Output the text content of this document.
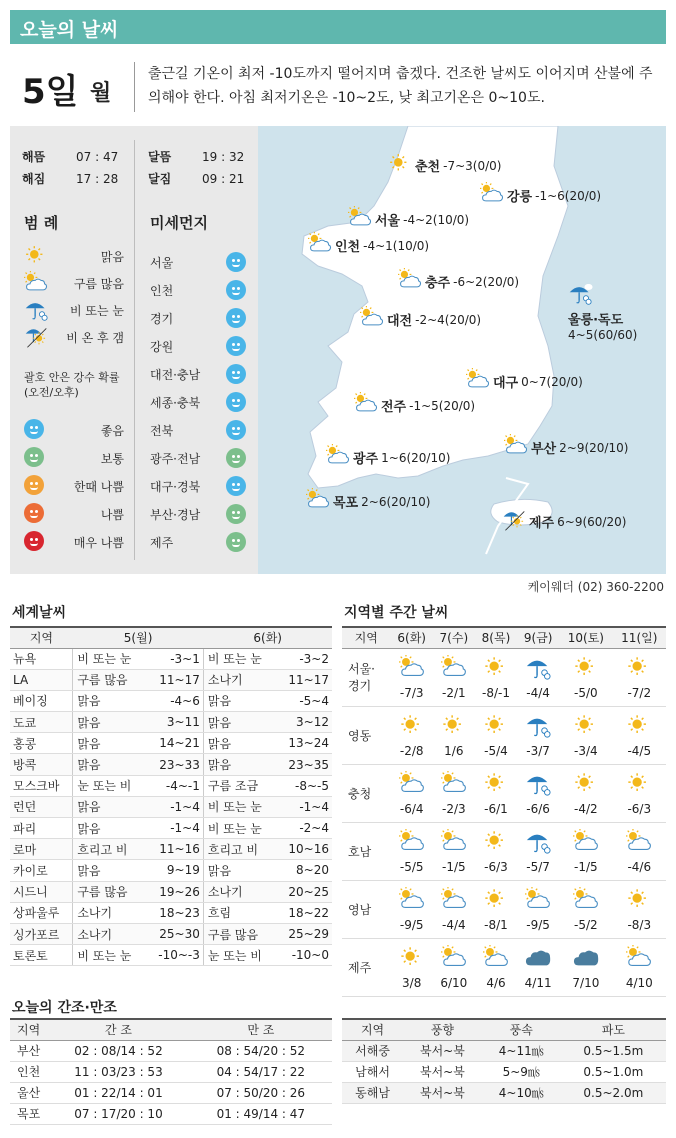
오늘의 날씨
5일 월
출근길 기온이 최저 -10도까지 떨어지며 춥겠다. 건조한 날씨도 이어지며 산불에 주의해야 한다. 아침 최저기온은 -10~2도, 낮 최고기온은 0~10도.
해뜸	07 : 47
해짐	17 : 28
달뜸	19 : 32
달짐	09 : 21
범 례
맑음
구름 많음
비 또는 눈
비 온 후 갬
괄호 안은 강수 확률
(오전/오후)
좋음
보통
한때 나쁨
나쁨
매우 나쁨
미세먼지
서울
인천
경기
강원
대전·충남
세종·충북
전북
광주·전남
대구·경북
부산·경남
제주
춘천 -7~3(0/0)
강릉 -1~6(20/0)
서울 -4~2(10/0)
인천 -4~1(10/0)
충주 -6~2(20/0)
울릉·독도
4~5(60/60)
대전 -2~4(20/0)
대구 0~7(20/0)
전주 -1~5(20/0)
부산 2~9(20/10)
광주 1~6(20/10)
목포 2~6(20/10)
제주 6~9(60/20)
케이웨더 (02) 360-2200
세계날씨
지역	5(월)		6(화)	
뉴욕	비 또는 눈	-3~1	비 또는 눈	-3~2
LA	구름 많음	11~17	소나기	11~17
베이징	맑음	-4~6	맑음	-5~4
도쿄	맑음	3~11	맑음	3~12
홍콩	맑음	14~21	맑음	13~24
방콕	맑음	23~33	맑음	23~35
모스크바	눈 또는 비	-4~-1	구름 조금	-8~-5
런던	맑음	-1~4	비 또는 눈	-1~4
파리	맑음	-1~4	비 또는 눈	-2~4
로마	흐리고 비	11~16	흐리고 비	10~16
카이로	맑음	9~19	맑음	8~20
시드니	구름 많음	19~26	소나기	20~25
상파울루	소나기	18~23	흐림	18~22
싱가포르	소나기	25~30	구름 많음	25~29
토론토	비 또는 눈	-10~-3	눈 또는 비	-10~0
지역별 주간 날씨
지역	6(화)	7(수)	8(목)	9(금)	10(토)	11(일)
서울·
경기	-7/3	-2/1	-8/-1	-4/4	-5/0	-7/2
영동	-2/8	1/6	-5/4	-3/7	-3/4	-4/5
충청	-6/4	-2/3	-6/1	-6/6	-4/2	-6/3
호남	-5/5	-1/5	-6/3	-5/7	-1/5	-4/6
영남	-9/5	-4/4	-8/1	-9/5	-5/2	-8/3
제주	3/8	6/10	4/6	4/11	7/10	4/10
오늘의 간조·만조
지역	간 조	만 조
부산	02 : 08/14 : 52	08 : 54/20 : 52
인천	11 : 03/23 : 53	04 : 54/17 : 22
울산	01 : 22/14 : 01	07 : 50/20 : 26
목포	07 : 17/20 : 10	01 : 49/14 : 47
지역	풍향	풍속	파도
서해중	북서~북	4~11㎧	0.5~1.5m
남해서	북서~북	5~9㎧	0.5~1.0m
동해남	북서~북	4~10㎧	0.5~2.0m
